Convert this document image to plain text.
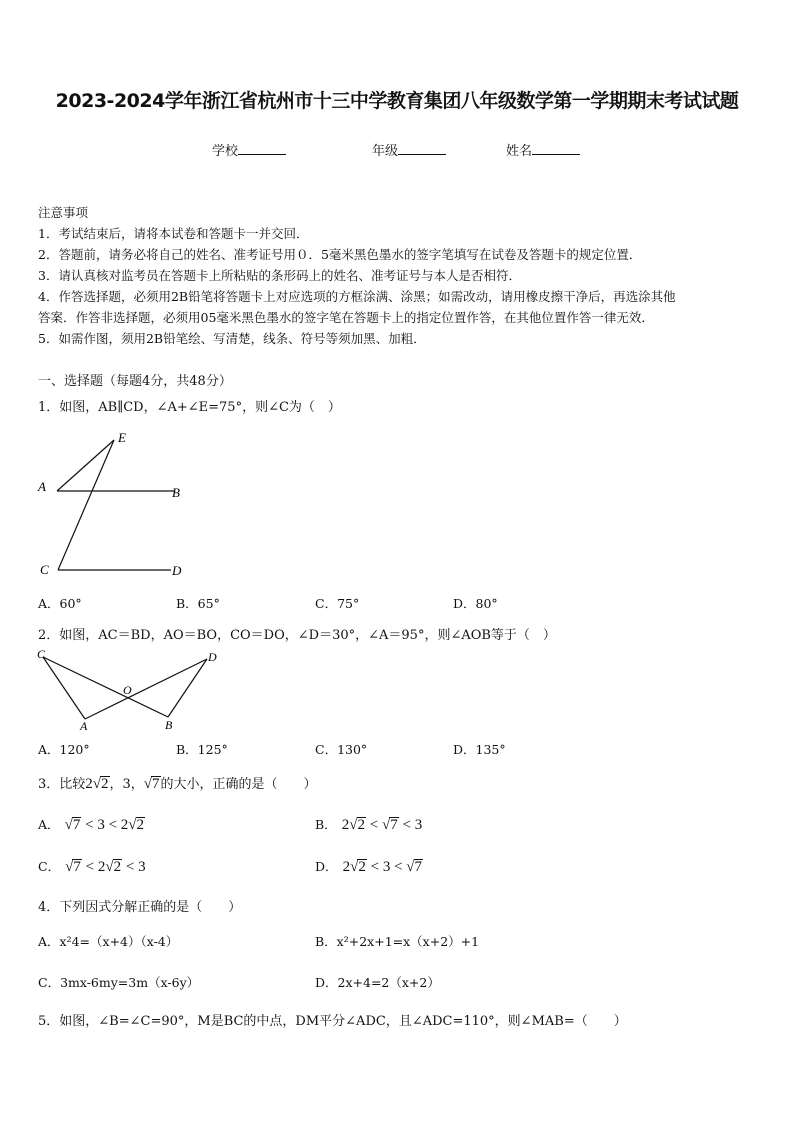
2023-2024学年浙江省杭州市十三中学教育集团八年级数学第一学期期末考试试题
学校	年级	姓名
注意事项
1．考试结束后，请将本试卷和答题卡一并交回．
2．答题前，请务必将自己的姓名、准考证号用０．5毫米黑色墨水的签字笔填写在试卷及答题卡的规定位置．
3．请认真核对监考员在答题卡上所粘贴的条形码上的姓名、准考证号与本人是否相符．
4．作答选择题，必须用2B铅笔将答题卡上对应选项的方框涂满、涂黑；如需改动，请用橡皮擦干净后，再选涂其他
答案．作答非选择题，必须用05毫米黑色墨水的签字笔在答题卡上的指定位置作答，在其他位置作答一律无效．
5．如需作图，须用2B铅笔绘、写清楚，线条、符号等须加黑、加粗．
一、选择题（每题4分，共48分）
1．如图，AB∥CD，∠A+∠E=75°，则∠C为（　）
E
A	B
C	D
A．60°	B．65°	C．75°	D．80°
2．如图，AC＝BD，AO＝BO，CO＝DO，∠D＝30°，∠A＝95°，则∠AOB等于（　）
C	D
O
A	B
A．120°	B．125°	C．130°	D．135°
3．比较2√2，3，√7的大小，正确的是（　　）
A． √7 < 3 < 2√2	B． 2√2 < √7 < 3
C． √7 < 2√2 < 3	D． 2√2 < 3 < √7
4．下列因式分解正确的是（　　）
A．x²4=（x+4）（x-4）	B．x²+2x+1=x（x+2）+1
C．3mx-6my=3m（x-6y）	D．2x+4=2（x+2）
5．如图，∠B=∠C=90°，M是BC的中点，DM平分∠ADC，且∠ADC=110°，则∠MAB=（　　）
